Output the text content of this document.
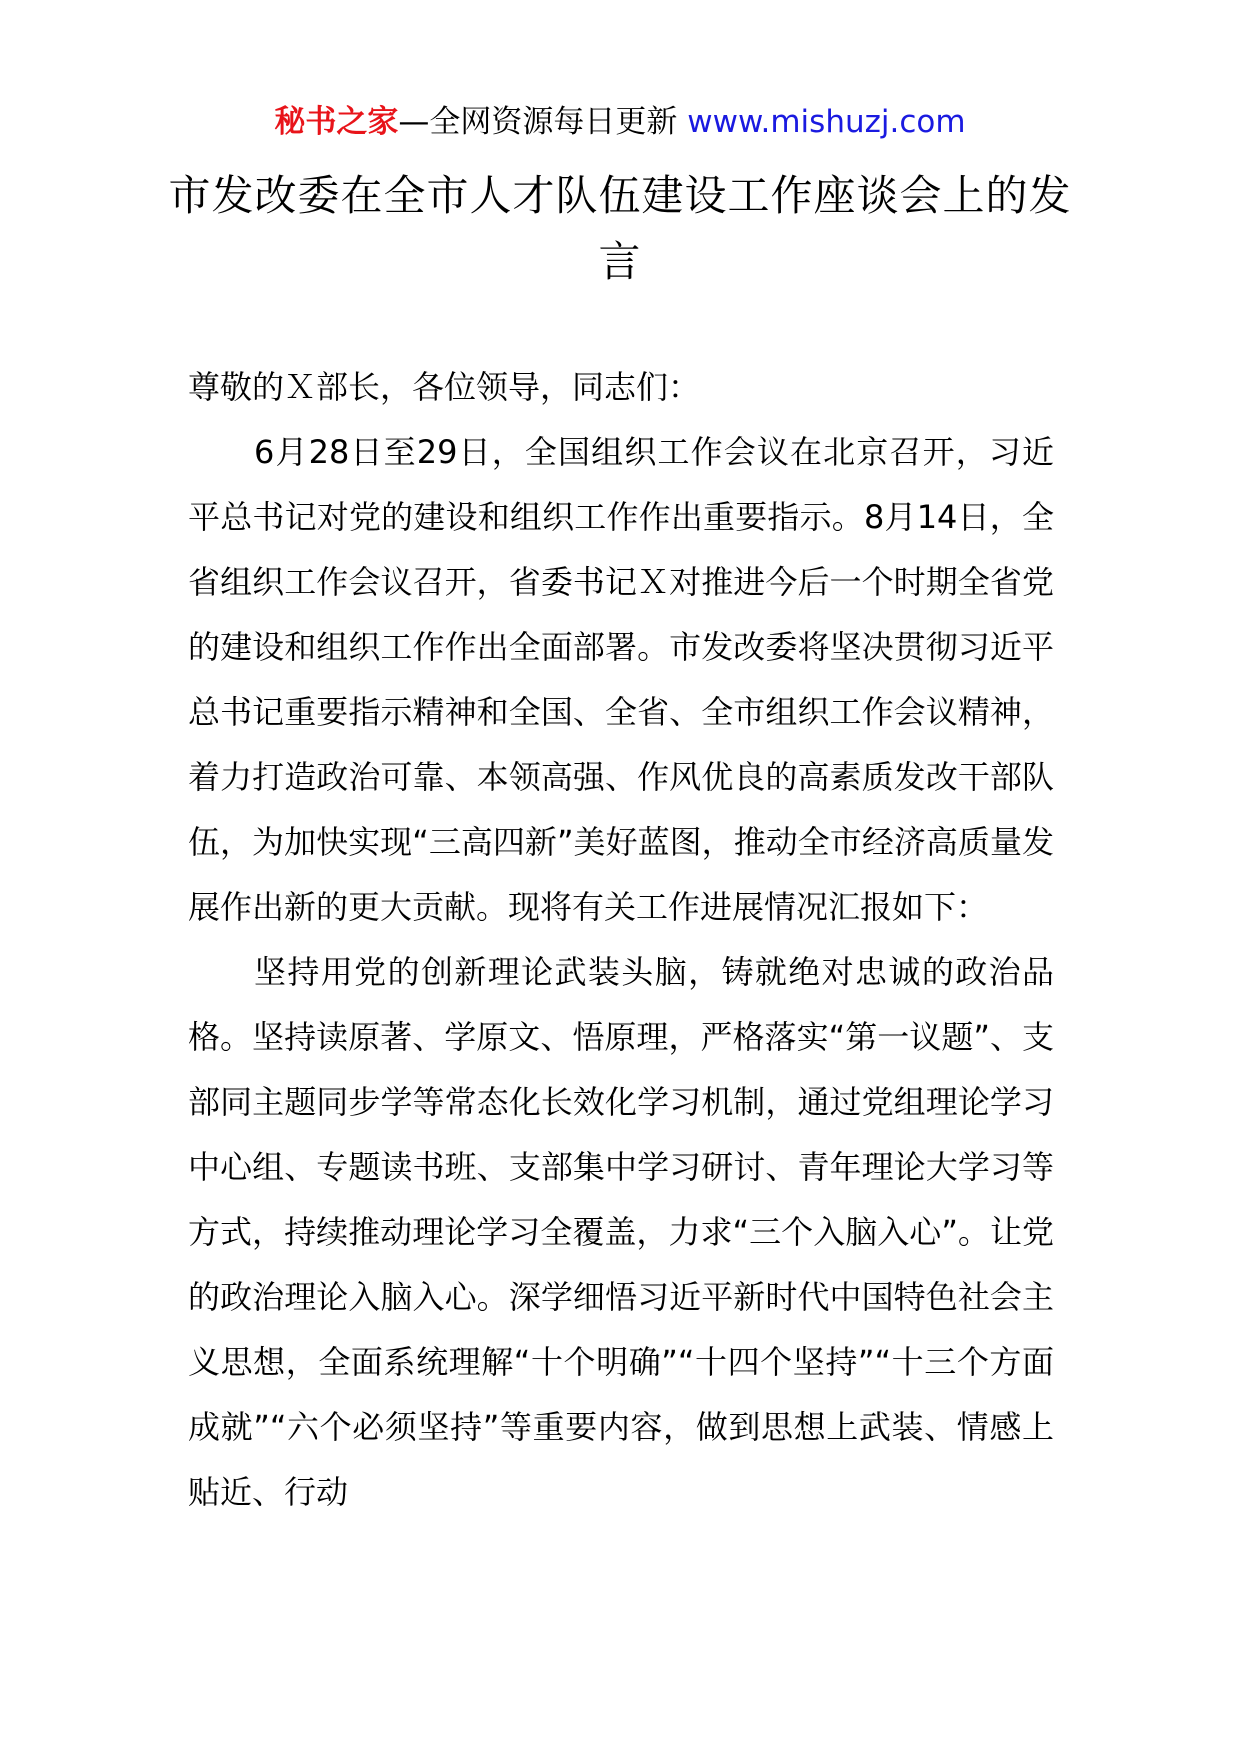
秘书之家—全网资源每日更新 www.mishuzj.com
市发改委在全市人才队伍建设工作座谈会上的发言

尊敬的Ｘ部长，各位领导，同志们：

6月28日至29日，全国组织工作会议在北京召开，习近平总书记对党的建设和组织工作作出重要指示。8月14日，全省组织工作会议召开，省委书记Ｘ对推进今后一个时期全省党的建设和组织工作作出全面部署。市发改委将坚决贯彻习近平总书记重要指示精神和全国、全省、全市组织工作会议精神，着力打造政治可靠、本领高强、作风优良的高素质发改干部队伍，为加快实现“三高四新”美好蓝图，推动全市经济高质量发展作出新的更大贡献。现将有关工作进展情况汇报如下：

坚持用党的创新理论武装头脑，铸就绝对忠诚的政治品格。坚持读原著、学原文、悟原理，严格落实“第一议题”、支部同主题同步学等常态化长效化学习机制，通过党组理论学习中心组、专题读书班、支部集中学习研讨、青年理论大学习等方式，持续推动理论学习全覆盖，力求“三个入脑入心”。让党的政治理论入脑入心。深学细悟习近平新时代中国特色社会主义思想，全面系统理解“十个明确”“十四个坚持”“十三个方面成就”“六个必须坚持”等重要内容，做到思想上武装、情感上贴近、行动
